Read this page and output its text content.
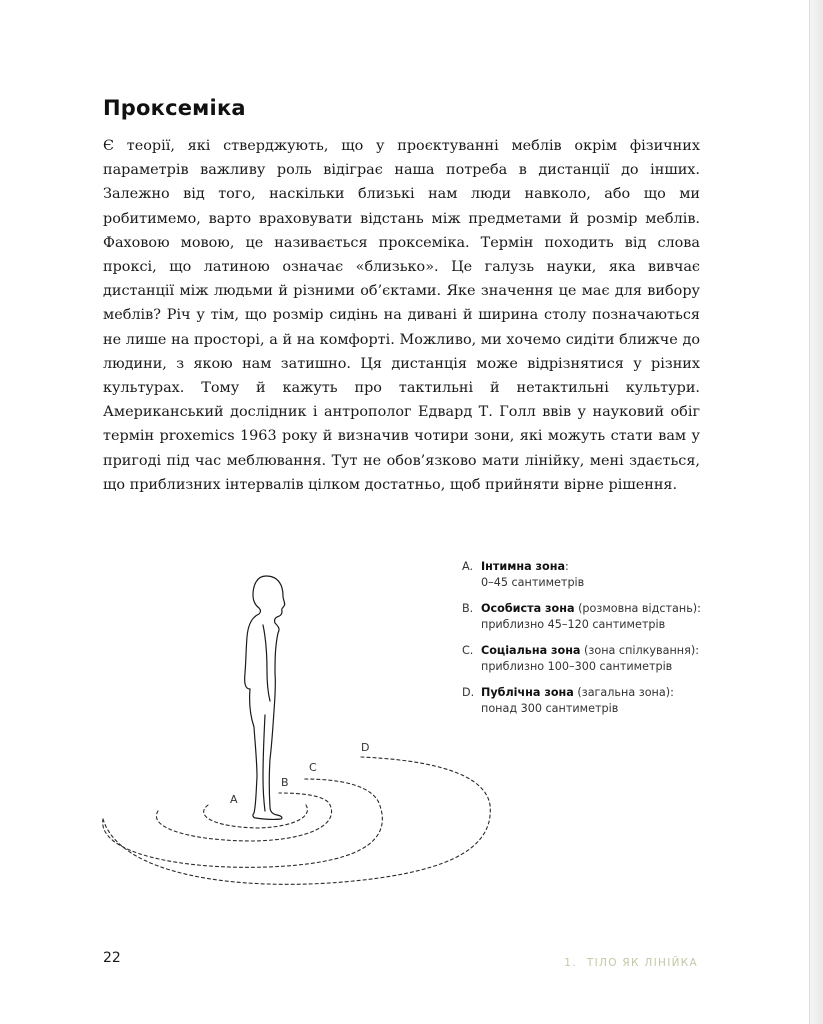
Проксеміка

Є теорії, які стверджують, що у проєктуванні меблів окрім фізичних параметрів важливу роль відіграє наша потреба в дистанції до інших. Залежно від того, наскільки близькі нам люди навколо, або що ми робитимемо, варто враховувати відстань між предметами й розмір меблів. Фаховою мовою, це називається проксеміка. Термін походить від слова проксі, що латиною означає «близько». Це галузь науки, яка вивчає дистанції між людьми й різними об’єктами. Яке значення це має для вибору меблів? Річ у тім, що розмір сидінь на дивані й ширина столу позначаються не лише на просторі, а й на комфорті. Можливо, ми хочемо сидіти ближче до людини, з якою нам затишно. Ця дистанція може відрізнятися у різних культурах. Тому й кажуть про тактильні й нетактильні культури. Американський дослідник і антрополог Едвард Т. Голл ввів у науковий обіг термін proxemics 1963 року й визначив чотири зони, які можуть стати вам у пригоді під час меблювання. Тут не обов’язково мати лінійку, мені здається, що приблизних інтервалів цілком достатньо, щоб прийняти вірне рішення.

A. Інтимна зона:
0–45 сантиметрів
B. Особиста зона (розмовна відстань):
приблизно 45–120 сантиметрів
C. Соціальна зона (зона спілкування):
приблизно 100–300 сантиметрів
D. Публічна зона (загальна зона):
понад 300 сантиметрів
A
B
C
D
22	1. ТІЛО ЯК ЛІНІЙКА
